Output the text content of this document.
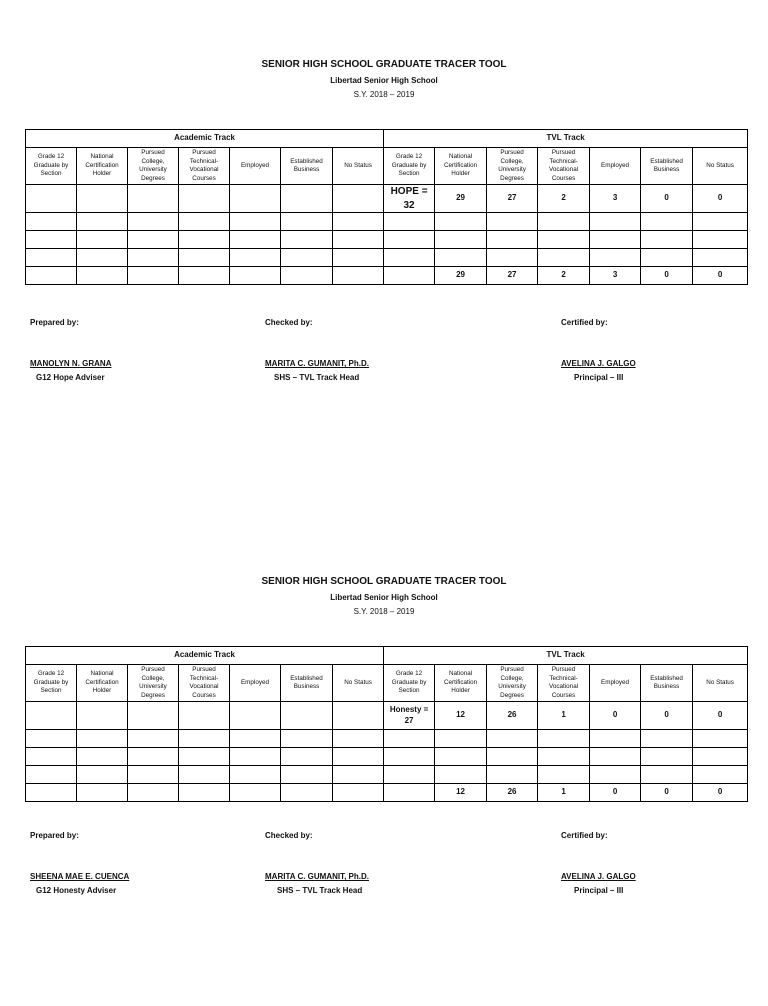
SENIOR HIGH SCHOOL GRADUATE TRACER TOOL
Libertad Senior High School
S.Y. 2018 – 2019
Academic Track							TVL Track						
Grade 12 Graduate by Section	National Certification Holder	Pursued College, University Degrees	Pursued Technical-Vocational Courses	Employed	Established Business	No Status	Grade 12 Graduate by Section	National Certification Holder	Pursued College, University Degrees	Pursued Technical-Vocational Courses	Employed	Established Business	No Status
							HOPE = 32	29	27	2	3	0	0

								29	27	2	3	0	0
Prepared by:	Checked by:	Certified by:
MANOLYN N. GRANA
G12 Hope Adviser
MARITA C. GUMANIT, Ph.D.
SHS – TVL Track Head
AVELINA J. GALGO
Principal – III
SENIOR HIGH SCHOOL GRADUATE TRACER TOOL
Libertad Senior High School
S.Y. 2018 – 2019
Academic Track							TVL Track						
Grade 12 Graduate by Section	National Certification Holder	Pursued College, University Degrees	Pursued Technical-Vocational Courses	Employed	Established Business	No Status	Grade 12 Graduate by Section	National Certification Holder	Pursued College, University Degrees	Pursued Technical-Vocational Courses	Employed	Established Business	No Status
							Honesty = 27	12	26	1	0	0	0

								12	26	1	0	0	0
Prepared by:	Checked by:	Certified by:
SHEENA MAE E. CUENCA
G12 Honesty Adviser
MARITA C. GUMANIT, Ph.D.
SHS – TVL Track Head
AVELINA J. GALGO
Principal – III
